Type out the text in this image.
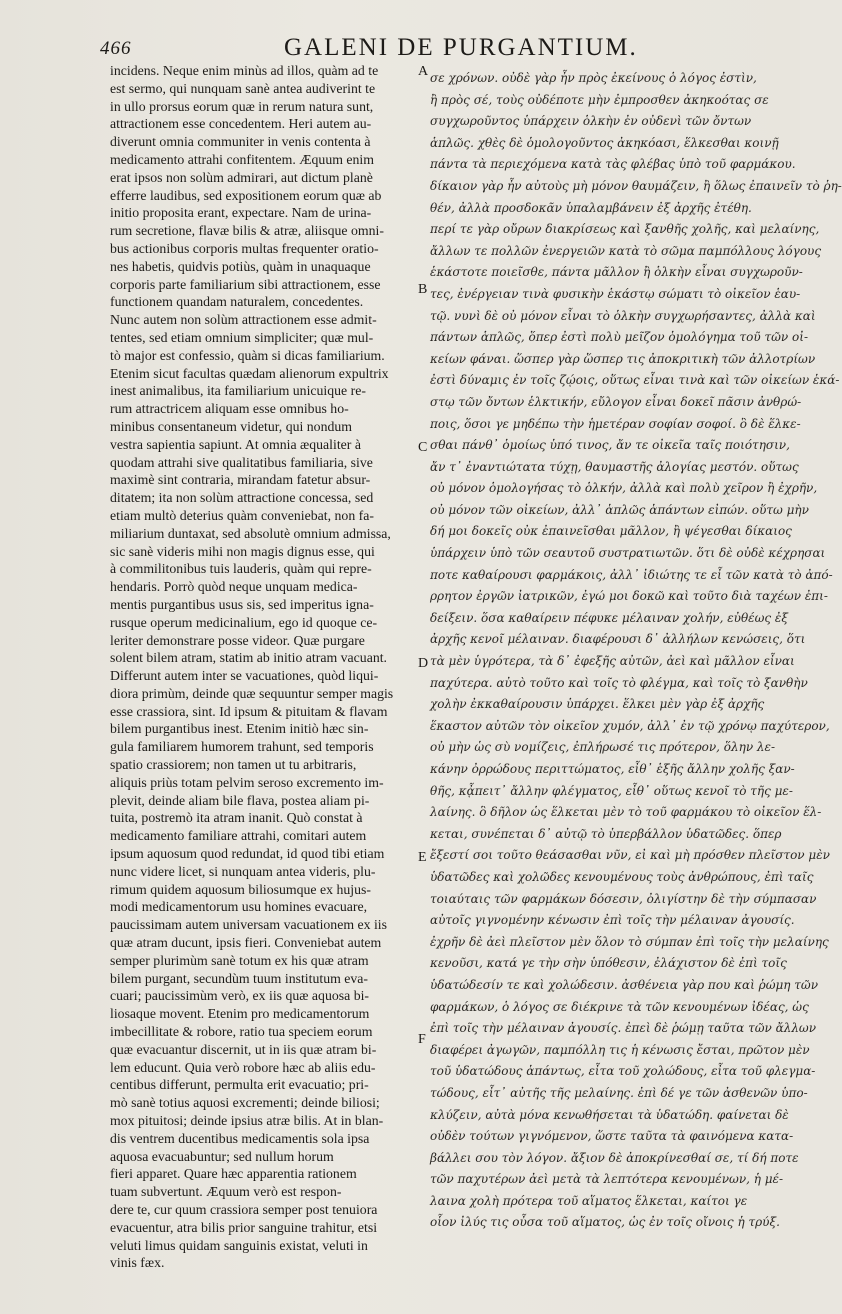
466	GALENI DE PURGANTIUM.
incidens. Neque enim minùs ad illos, quàm ad te
est sermo, qui nunquam sanè antea audiverint te
in ullo prorsus eorum quæ in rerum natura sunt,
attractionem esse concedentem. Heri autem au-
diverunt omnia communiter in venis contenta à
medicamento attrahi confitentem. Æquum enim
erat ipsos non solùm admirari, aut dictum planè
efferre laudibus, sed expositionem eorum quæ ab
initio proposita erant, expectare. Nam de urina-
rum secretione, flavæ bilis & atræ, aliisque omni-
bus actionibus corporis multas frequenter oratio-
nes habetis, quidvis potiùs, quàm in unaquaque
corporis parte familiarium sibi attractionem, esse
functionem quandam naturalem, concedentes.
Nunc autem non solùm attractionem esse admit-
tentes, sed etiam omnium simpliciter; quæ mul-
tò major est confessio, quàm si dicas familiarium.
Etenim sicut facultas quædam alienorum expultrix
inest animalibus, ita familiarium unicuique re-
rum attractricem aliquam esse omnibus ho-
minibus consentaneum videtur, qui nondum
vestra sapientia sapiunt. At omnia æqualiter à
quodam attrahi sive qualitatibus familiaria, sive
maximè sint contraria, mirandam fatetur absur-
ditatem; ita non solùm attractione concessa, sed
etiam multò deterius quàm conveniebat, non fa-
miliarium duntaxat, sed absolutè omnium admissa,
sic sanè videris mihi non magis dignus esse, qui
à commilitonibus tuis lauderis, quàm qui repre-
hendaris. Porrò quòd neque unquam medica-
mentis purgantibus usus sis, sed imperitus igna-
rusque operum medicinalium, ego id quoque ce-
leriter demonstrare posse videor. Quæ purgare
solent bilem atram, statim ab initio atram vacuant.
Differunt autem inter se vacuationes, quòd liqui-
diora primùm, deinde quæ sequuntur semper magis
esse crassiora, sint. Id ipsum & pituitam & flavam
bilem purgantibus inest. Etenim initiò hæc sin-
gula familiarem humorem trahunt, sed temporis
spatio crassiorem; non tamen ut tu arbitraris,
aliquis priùs totam pelvim seroso excremento im-
plevit, deinde aliam bile flava, postea aliam pi-
tuita, postremò ita atram inanit. Quò constat à
medicamento familiare attrahi, comitari autem
ipsum aquosum quod redundat, id quod tibi etiam
nunc videre licet, si nunquam antea videris, plu-
rimum quidem aquosum biliosumque ex hujus-
modi medicamentorum usu homines evacuare,
paucissimam autem universam vacuationem ex iis
quæ atram ducunt, ipsis fieri. Conveniebat autem
semper plurimùm sanè totum ex his quæ atram
bilem purgant, secundùm tuum institutum eva-
cuari; paucissimùm verò, ex iis quæ aquosa bi-
liosaque movent. Etenim pro medicamentorum
imbecillitate & robore, ratio tua speciem eorum
quæ evacuantur discernit, ut in iis quæ atram bi-
lem educunt. Quia verò robore hæc ab aliis edu-
centibus differunt, permulta erit evacuatio; pri-
mò sanè totius aquosi excrementi; deinde biliosi;
mox pituitosi; deinde ipsius atræ bilis. At in blan-
dis ventrem ducentibus medicamentis sola ipsa
aquosa evacuabuntur; sed nullum horum
fieri apparet. Quare hæc apparentia rationem
tuam subvertunt. Æquum verò est respon-
dere te, cur quum crassiora semper post tenuiora
evacuentur, atra bilis prior sanguine trahitur, etsi
veluti limus quidam sanguinis existat, veluti in
vinis fæx.
σε χρόνων. οὐδὲ γὰρ ἦν πρὸς ἐκείνους ὁ λόγος ἐστὶν,
ἢ πρὸς σέ, τοὺς οὐδέποτε μὴν ἐμπροσθεν ἀκηκοότας σε
συγχωροῦντος ὑπάρχειν ὁλκὴν ἐν οὐδενὶ τῶν ὄντων
ἁπλῶς. χθὲς δὲ ὁμολογοῦντος ἀκηκόασι, ἕλκεσθαι κοινῇ
πάντα τὰ περιεχόμενα κατὰ τὰς φλέβας ὑπὸ τοῦ φαρμάκου.
δίκαιον γὰρ ἦν αὐτοὺς μὴ μόνον θαυμάζειν, ἢ ὅλως ἐπαινεῖν τὸ ῥη-
θέν, ἀλλὰ προσδοκᾶν ὑπαλαμβάνειν ἐξ ἀρχῆς ἐτέθη.
περί τε γὰρ οὔρων διακρίσεως καὶ ξανθῆς χολῆς, καὶ μελαίνης,
ἄλλων τε πολλῶν ἐνεργειῶν κατὰ τὸ σῶμα παμπόλλους λόγους
ἑκάστοτε ποιεῖσθε, πάντα μᾶλλον ἢ ὁλκὴν εἶναι συγχωροῦν-
τες, ἐνέργειαν τινὰ φυσικὴν ἑκάστῳ σώματι τὸ οἰκεῖον ἑαυ-
τῷ. νυνὶ δὲ οὐ μόνον εἶναι τὸ ὁλκὴν συγχωρήσαντες, ἀλλὰ καὶ
πάντων ἁπλῶς, ὅπερ ἐστὶ πολὺ μεῖζον ὁμολόγημα τοῦ τῶν οἰ-
κείων φάναι. ὥσπερ γὰρ ὥσπερ τις ἀποκριτικὴ τῶν ἀλλοτρίων
ἐστὶ δύναμις ἐν τοῖς ζῴοις, οὕτως εἶναι τινὰ καὶ τῶν οἰκείων ἑκά-
στῳ τῶν ὄντων ἑλκτικήν, εὔλογον εἶναι δοκεῖ πᾶσιν ἀνθρώ-
ποις, ὅσοι γε μηδέπω τὴν ἡμετέραν σοφίαν σοφοί. ὃ δὲ ἕλκε-
σθαι πάνθ᾽ ὁμοίως ὑπό τινος, ἄν τε οἰκεῖα ταῖς ποιότησιν,
ἄν τ᾽ ἐναντιώτατα τύχῃ, θαυμαστῆς ἀλογίας μεστόν. οὕτως
οὐ μόνον ὁμολογήσας τὸ ὁλκήν, ἀλλὰ καὶ πολὺ χεῖρον ἢ ἐχρῆν,
οὐ μόνον τῶν οἰκείων, ἀλλ᾽ ἁπλῶς ἁπάντων εἰπών. οὕτω μὴν
δή μοι δοκεῖς οὐκ ἐπαινεῖσθαι μᾶλλον, ἢ ψέγεσθαι δίκαιος
ὑπάρχειν ὑπὸ τῶν σεαυτοῦ συστρατιωτῶν. ὅτι δὲ οὐδὲ κέχρησαι
ποτε καθαίρουσι φαρμάκοις, ἀλλ᾽ ἰδιώτης τε εἶ τῶν κατὰ τὸ ἀπό-
ρρητον ἐργῶν ἰατρικῶν, ἐγώ μοι δοκῶ καὶ τοῦτο διὰ ταχέων ἐπι-
δείξειν. ὅσα καθαίρειν πέφυκε μέλαιναν χολήν, εὐθέως ἐξ
ἀρχῆς κενοῖ μέλαιναν. διαφέρουσι δ᾽ ἀλλήλων κενώσεις, ὅτι
τὰ μὲν ὑγρότερα, τὰ δ᾽ ἐφεξῆς αὐτῶν, ἀεὶ καὶ μᾶλλον εἶναι
παχύτερα. αὐτὸ τοῦτο καὶ τοῖς τὸ φλέγμα, καὶ τοῖς τὸ ξανθὴν
χολὴν ἐκκαθαίρουσιν ὑπάρχει. ἕλκει μὲν γὰρ ἐξ ἀρχῆς
ἕκαστον αὐτῶν τὸν οἰκεῖον χυμόν, ἀλλ᾽ ἐν τῷ χρόνῳ παχύτερον,
οὐ μὴν ὡς σὺ νομίζεις, ἐπλήρωσέ τις πρότερον, ὅλην λε-
κάνην ὀρρώδους περιττώματος, εἶθ᾽ ἑξῆς ἄλλην χολῆς ξαν-
θῆς, κᾆπειτ᾽ ἄλλην φλέγματος, εἶθ᾽ οὕτως κενοῖ τὸ τῆς με-
λαίνης. ὃ δῆλον ὡς ἕλκεται μὲν τὸ τοῦ φαρμάκου τὸ οἰκεῖον ἕλ-
κεται, συνέπεται δ᾽ αὐτῷ τὸ ὑπερβάλλον ὑδατῶδες. ὅπερ
ἔξεστί σοι τοῦτο θεάσασθαι νῦν, εἰ καὶ μὴ πρόσθεν πλεῖστον μὲν
ὑδατῶδες καὶ χολῶδες κενουμένους τοὺς ἀνθρώπους, ἐπὶ ταῖς
τοιαύταις τῶν φαρμάκων δόσεσιν, ὀλιγίστην δὲ τὴν σύμπασαν
αὐτοῖς γιγνομένην κένωσιν ἐπὶ τοῖς τὴν μέλαιναν ἀγουσίς.
ἐχρῆν δὲ ἀεὶ πλεῖστον μὲν ὅλον τὸ σύμπαν ἐπὶ τοῖς τὴν μελαίνης
κενοῦσι, κατά γε τὴν σὴν ὑπόθεσιν, ἐλάχιστον δὲ ἐπὶ τοῖς
ὑδατώδεσίν τε καὶ χολώδεσιν. ἀσθένεια γὰρ που καὶ ῥώμη τῶν
φαρμάκων, ὁ λόγος σε διέκρινε τὰ τῶν κενουμένων ἰδέας, ὡς
ἐπὶ τοῖς τὴν μέλαιναν ἀγουσίς. ἐπεὶ δὲ ῥώμῃ ταῦτα τῶν ἄλλων
διαφέρει ἀγωγῶν, παμπόλλη τις ἡ κένωσις ἔσται, πρῶτον μὲν
τοῦ ὑδατώδους ἁπάντως, εἶτα τοῦ χολώδους, εἶτα τοῦ φλεγμα-
τώδους, εἶτ᾽ αὐτῆς τῆς μελαίνης. ἐπὶ δέ γε τῶν ἀσθενῶν ὑπο-
κλύζειν, αὐτὰ μόνα κενωθήσεται τὰ ὑδατώδη. φαίνεται δὲ
οὐδὲν τούτων γιγνόμενον, ὥστε ταῦτα τὰ φαινόμενα κατα-
βάλλει σου τὸν λόγον. ἄξιον δὲ ἀποκρίνεσθαί σε, τί δή ποτε
τῶν παχυτέρων ἀεὶ μετὰ τὰ λεπτότερα κενουμένων, ἡ μέ-
λαινα χολὴ πρότερα τοῦ αἵματος ἕλκεται, καίτοι γε
οἷον ἰλύς τις οὖσα τοῦ αἵματος, ὡς ἐν τοῖς οἴνοις ἡ τρύξ.
A
B
C
D
E
F
